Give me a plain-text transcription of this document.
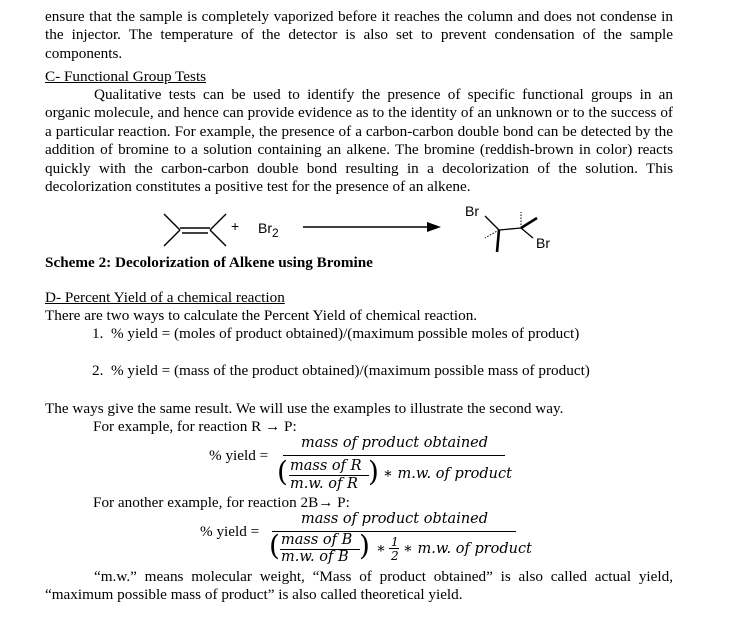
ensure that the sample is completely vaporized before it reaches the column and does not condense in the injector. The temperature of the detector is also set to prevent condensation of the sample components.

C- Functional Group Tests

Qualitative tests can be used to identify the presence of specific functional groups in an organic molecule, and hence can provide evidence as to the identity of an unknown or to the success of a particular reaction. For example, the presence of a carbon-carbon double bond can be detected by the addition of bromine to a solution containing an alkene. The bromine (reddish-brown in color) reacts quickly with the carbon-carbon double bond resulting in a decolorization of the solution. This decolorization constitutes a positive test for the presence of an alkene.

+ $Br_2$
Br
Br
Scheme 2: Decolorization of Alkene using Bromine
D- Percent Yield of a chemical reaction
There are two ways to calculate the Percent Yield of chemical reaction.
1. % yield = (moles of product obtained)/(maximum possible moles of product)
2. % yield = (mass of the product obtained)/(maximum possible mass of product)
The ways give the same result. We will use the examples to illustrate the second way.
For example, for reaction R → P:
% yield =
mass of product obtained
( mass of R
m.w. of R ) ∗ m.w. of product
For another example, for reaction 2B→ P:
% yield =
mass of product obtained
( mass of B
m.w. of B ) ∗ 1
2 ∗ m.w. of product

“m.w.” means molecular weight, “Mass of product obtained” is also called actual yield, “maximum possible mass of product” is also called theoretical yield.
